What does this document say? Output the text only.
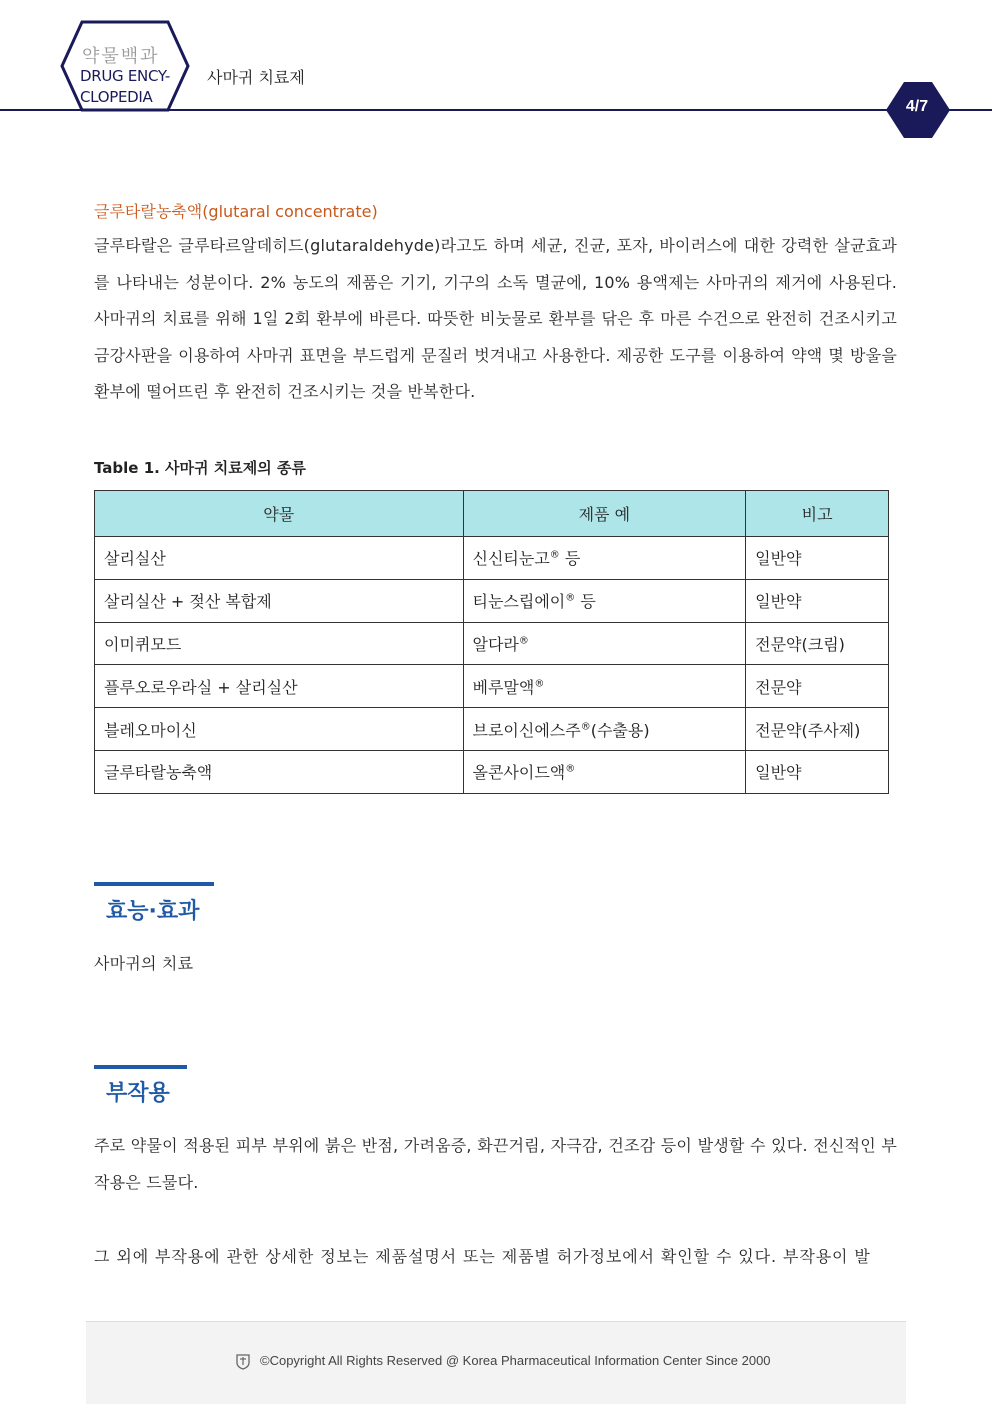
약물백과
DRUG ENCY-
CLOPEDIA
사마귀 치료제
4/7
글루타랄농축액(glutaral concentrate)
글루타랄은 글루타르알데히드(glutaraldehyde)라고도 하며 세균, 진균, 포자, 바이러스에 대한 강력한 살균효과를 나타내는 성분이다. 2% 농도의 제품은 기기, 기구의 소독 멸균에, 10% 용액제는 사마귀의 제거에 사용된다. 사마귀의 치료를 위해 1일 2회 환부에 바른다. 따뜻한 비눗물로 환부를 닦은 후 마른 수건으로 완전히 건조시키고 금강사판을 이용하여 사마귀 표면을 부드럽게 문질러 벗겨내고 사용한다. 제공한 도구를 이용하여 약액 몇 방울을 환부에 떨어뜨린 후 완전히 건조시키는 것을 반복한다.
Table 1. 사마귀 치료제의 종류
약물	제품 예	비고
살리실산	신신티눈고® 등	일반약
살리실산 + 젖산 복합제	티눈스립에이® 등	일반약
이미퀴모드	알다라®	전문약(크림)
플루오로우라실 + 살리실산	베루말액®	전문약
블레오마이신	브로이신에스주®(수출용)	전문약(주사제)
글루타랄농축액	올콘사이드액®	일반약
효능·효과
사마귀의 치료
부작용
주로 약물이 적용된 피부 부위에 붉은 반점, 가려움증, 화끈거림, 자극감, 건조감 등이 발생할 수 있다. 전신적인 부작용은 드물다.
그 외에 부작용에 관한 상세한 정보는 제품설명서 또는 제품별 허가정보에서 확인할 수 있다. 부작용이 발
©Copyright All Rights Reserved @ Korea Pharmaceutical Information Center Since 2000
